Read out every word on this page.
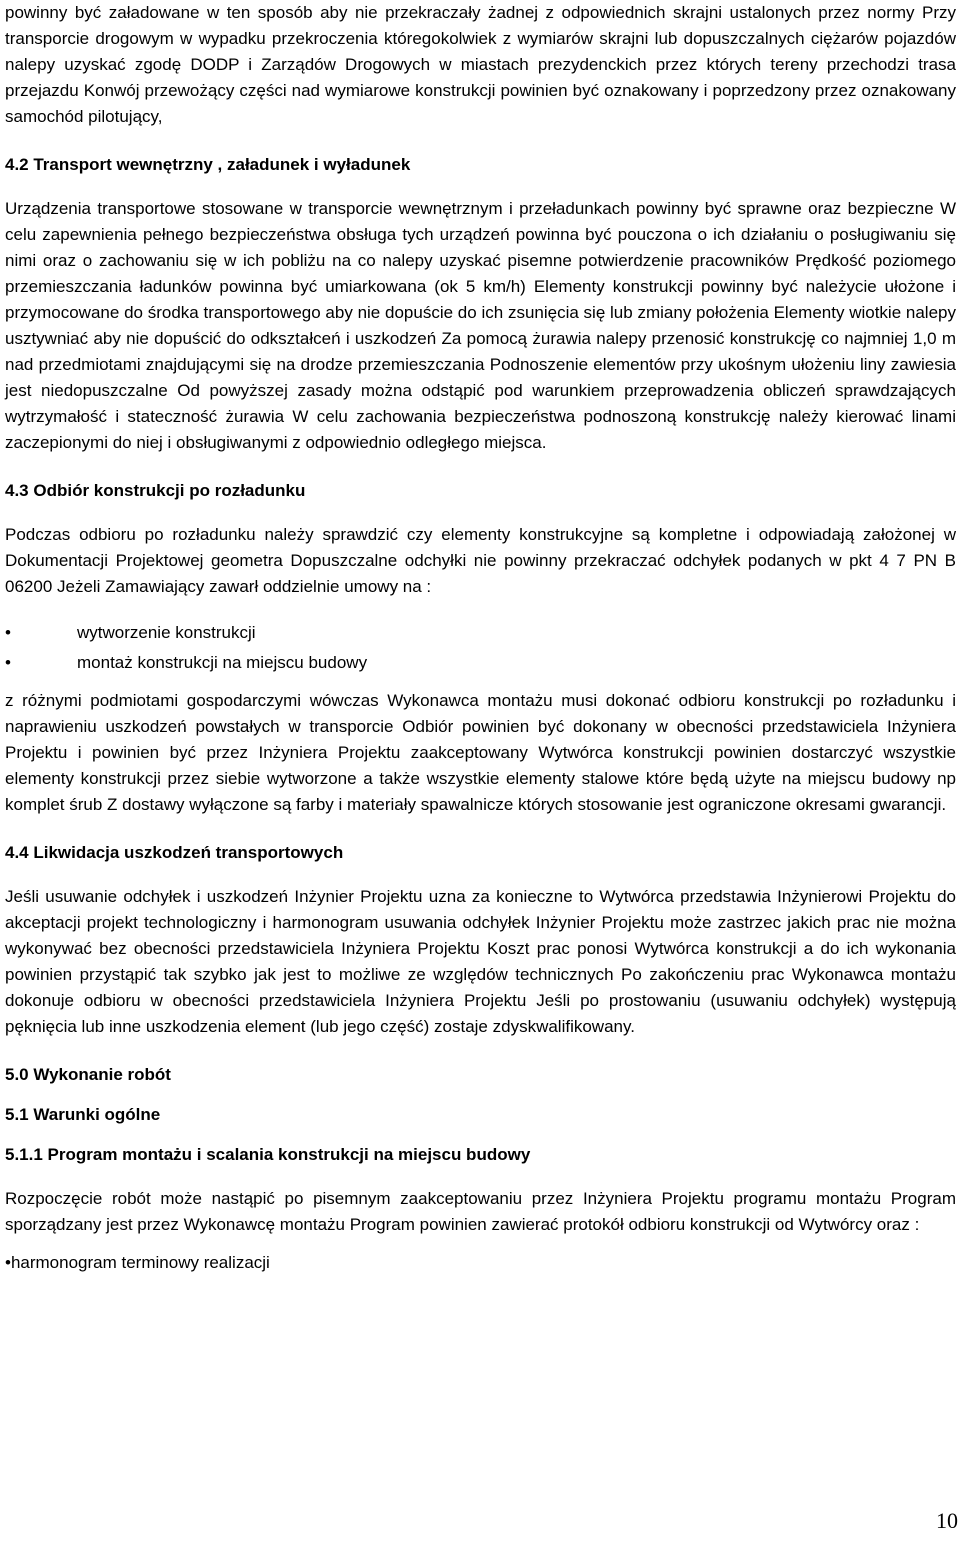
powinny być załadowane w ten sposób aby nie przekraczały żadnej z odpowiednich skrajni ustalonych przez normy Przy transporcie drogowym w wypadku przekroczenia któregokolwiek z wymiarów skrajni lub dopuszczalnych ciężarów pojazdów nalepy uzyskać zgodę DODP i Zarządów Drogowych w miastach prezydenckich przez których tereny przechodzi trasa przejazdu Konwój przewożący części nad wymiarowe konstrukcji powinien być oznakowany i poprzedzony przez oznakowany samochód pilotujący,

4.2 Transport wewnętrzny , załadunek i wyładunek

Urządzenia transportowe stosowane w transporcie wewnętrznym i przeładunkach powinny być sprawne oraz bezpieczne W celu zapewnienia pełnego bezpieczeństwa obsługa tych urządzeń powinna być pouczona o ich działaniu o posługiwaniu się nimi oraz o zachowaniu się w ich pobliżu na co nalepy uzyskać pisemne potwierdzenie pracowników Prędkość poziomego przemieszczania ładunków powinna być umiarkowana (ok 5 km/h) Elementy konstrukcji powinny być należycie ułożone i przymocowane do środka transportowego aby nie dopuście do ich zsunięcia się lub zmiany położenia Elementy wiotkie nalepy usztywniać aby nie dopuścić do odkształceń i uszkodzeń Za pomocą żurawia nalepy przenosić konstrukcję co najmniej 1,0 m nad przedmiotami znajdującymi się na drodze przemieszczania Podnoszenie elementów przy ukośnym ułożeniu liny zawiesia jest niedopuszczalne Od powyższej zasady można odstąpić pod warunkiem przeprowadzenia obliczeń sprawdzających wytrzymałość i stateczność żurawia W celu zachowania bezpieczeństwa podnoszoną konstrukcję należy kierować linami zaczepionymi do niej i obsługiwanymi z odpowiednio odległego miejsca.

4.3 Odbiór konstrukcji po rozładunku

Podczas odbioru po rozładunku należy sprawdzić czy elementy konstrukcyjne są kompletne i odpowiadają założonej w Dokumentacji Projektowej geometra Dopuszczalne odchyłki nie powinny przekraczać odchyłek podanych w pkt 4 7 PN B 06200 Jeżeli Zamawiający zawarł oddzielnie umowy na :

•	wytworzenie konstrukcji
•	montaż konstrukcji na miejscu budowy

z różnymi podmiotami gospodarczymi wówczas Wykonawca montażu musi dokonać odbioru konstrukcji po rozładunku i naprawieniu uszkodzeń powstałych w transporcie Odbiór powinien być dokonany w obecności przedstawiciela Inżyniera Projektu i powinien być przez Inżyniera Projektu zaakceptowany Wytwórca konstrukcji powinien dostarczyć wszystkie elementy konstrukcji przez siebie wytworzone a także wszystkie elementy stalowe które będą użyte na miejscu budowy np komplet śrub Z dostawy wyłączone są farby i materiały spawalnicze których stosowanie jest ograniczone okresami gwarancji.

4.4 Likwidacja uszkodzeń transportowych

Jeśli usuwanie odchyłek i uszkodzeń Inżynier Projektu uzna za konieczne to Wytwórca przedstawia Inżynierowi Projektu do akceptacji projekt technologiczny i harmonogram usuwania odchyłek Inżynier Projektu może zastrzec jakich prac nie można wykonywać bez obecności przedstawiciela Inżyniera Projektu Koszt prac ponosi Wytwórca konstrukcji a do ich wykonania powinien przystąpić tak szybko jak jest to możliwe ze względów technicznych Po zakończeniu prac Wykonawca montażu dokonuje odbioru w obecności przedstawiciela Inżyniera Projektu Jeśli po prostowaniu (usuwaniu odchyłek) występują pęknięcia lub inne uszkodzenia element (lub jego część) zostaje zdyskwalifikowany.

5.0 Wykonanie robót
5.1 Warunki ogólne
5.1.1 Program montażu i scalania konstrukcji na miejscu budowy

Rozpoczęcie robót może nastąpić po pisemnym zaakceptowaniu przez Inżyniera Projektu programu montażu Program sporządzany jest przez Wykonawcę montażu Program powinien zawierać protokół odbioru konstrukcji od Wytwórcy oraz :

•harmonogram terminowy realizacji

10
